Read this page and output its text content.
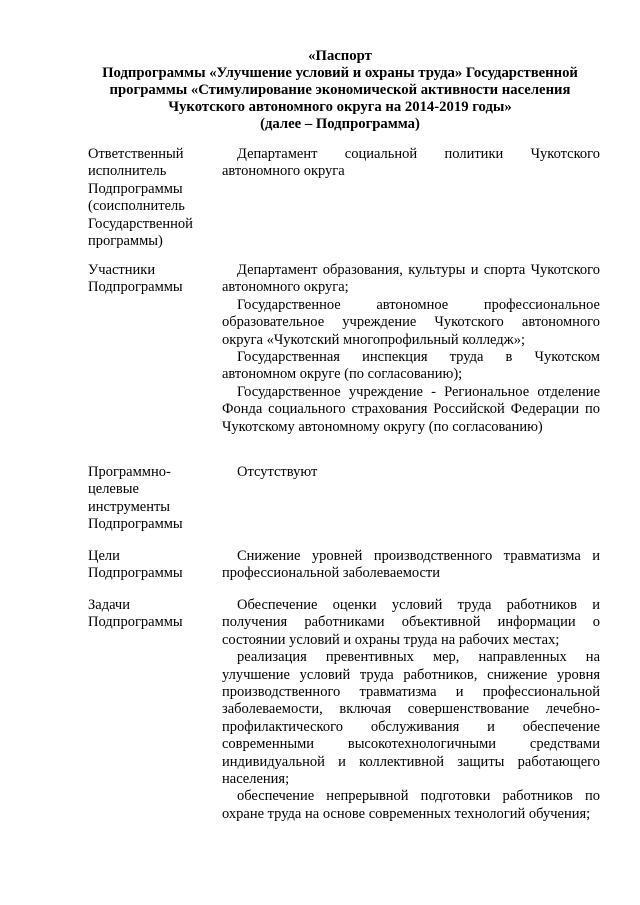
«Паспорт
Подпрограммы «Улучшение условий и охраны труда» Государственной
программы «Стимулирование экономической активности населения
Чукотского автономного округа на 2014-2019 годы»
(далее – Подпрограмма)
Ответственный
исполнитель
Подпрограммы
(соисполнитель
Государственной
программы)

Департамент социальной политики Чукотского автономного округа

Участники
Подпрограммы

Департамент образования, культуры и спорта Чукотского автономного округа;

Государственное автономное профессиональное образовательное учреждение Чукотского автономного округа «Чукотский многопрофильный колледж»;

Государственная инспекция труда в Чукотском автономном округе (по согласованию);

Государственное учреждение - Региональное отделение Фонда социального страхования Российской Федерации по Чукотскому автономному округу (по согласованию)

Программно-
целевые
инструменты
Подпрограммы

Отсутствуют

Цели
Подпрограммы

Снижение уровней производственного травматизма и профессиональной заболеваемости

Задачи
Подпрограммы

Обеспечение оценки условий труда работников и получения работниками объективной информации о состоянии условий и охраны труда на рабочих местах;

реализация превентивных мер, направленных на улучшение условий труда работников, снижение уровня производственного травматизма и профессиональной заболеваемости, включая совершенствование лечебно-профилактического обслуживания и обеспечение современными высокотехнологичными средствами индивидуальной и коллективной защиты работающего населения;

обеспечение непрерывной подготовки работников по охране труда на основе современных технологий обучения;
